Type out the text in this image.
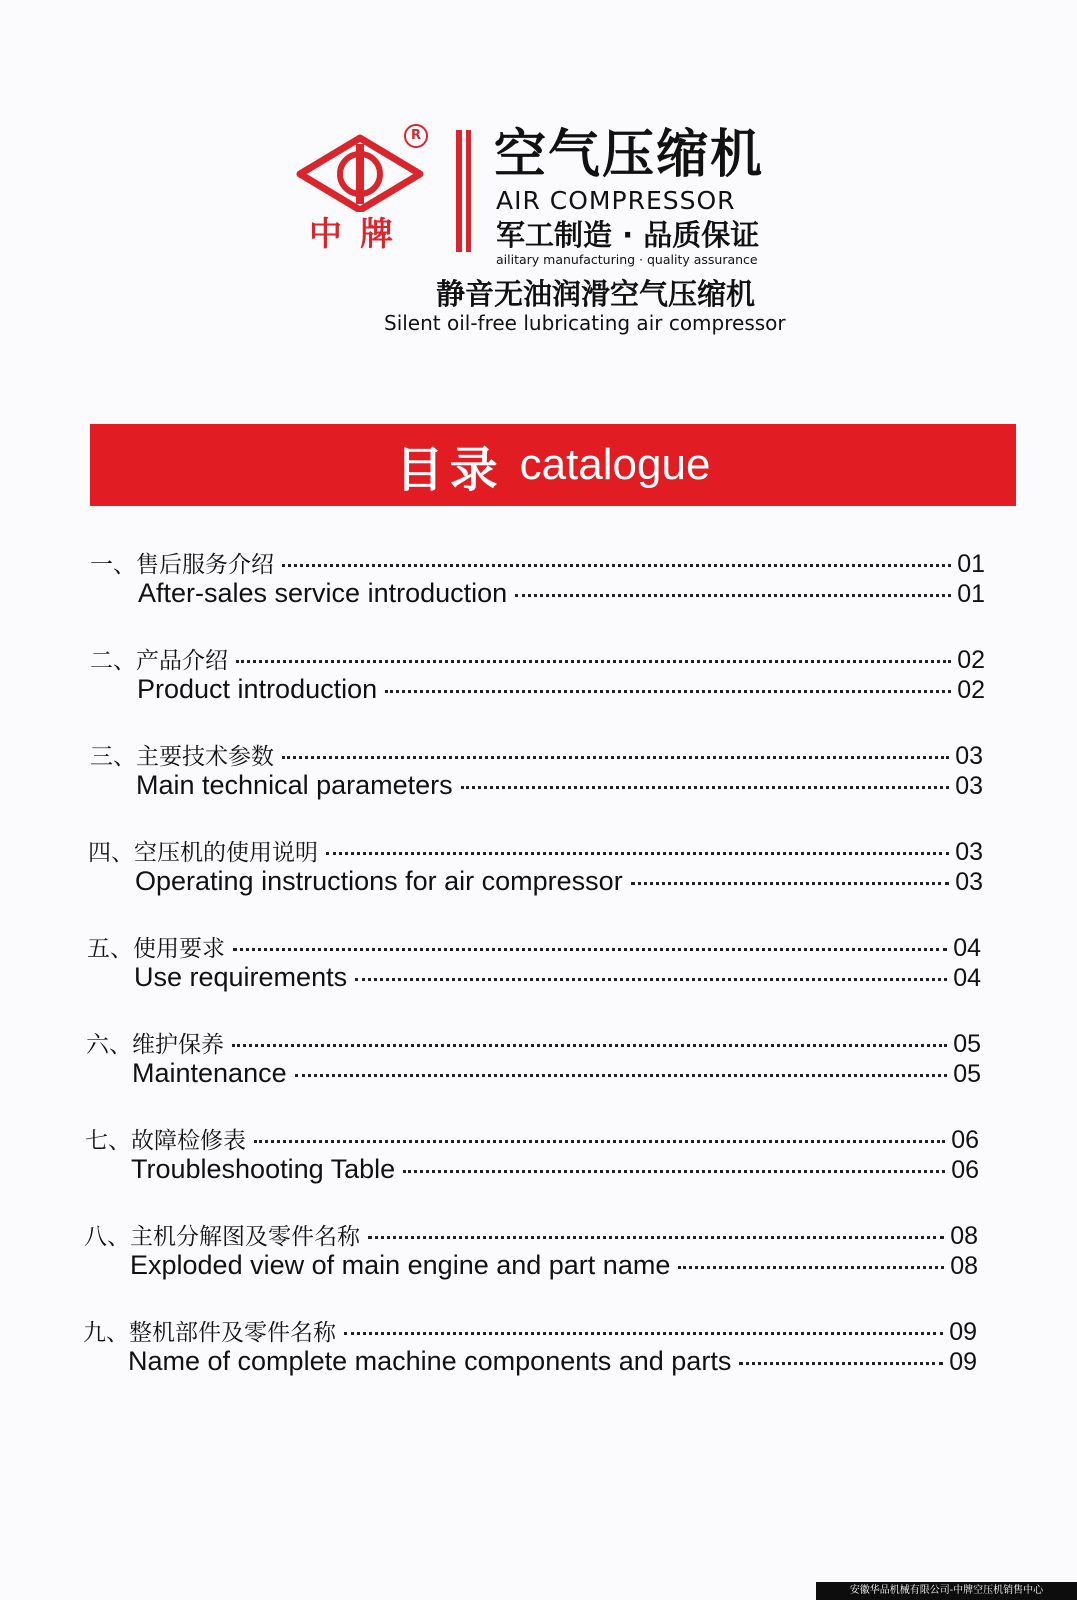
R
中牌
空气压缩机
AIR COMPRESSOR
军工制造 · 品质保证
ailitary manufacturing · quality assurance
静音无油润滑空气压缩机
Silent oil-free lubricating air compressor
目录 catalogue
一、售后服务介绍	01
After-sales service introduction	01
二、产品介绍	02
Product introduction	02
三、主要技术参数	03
Main technical parameters	03
四、空压机的使用说明	03
Operating instructions for air compressor	03
五、使用要求	04
Use requirements	04
六、维护保养	05
Maintenance	05
七、故障检修表	06
Troubleshooting Table	06
八、主机分解图及零件名称	08
Exploded view of main engine and part name	08
九、整机部件及零件名称	09
Name of complete machine components and parts	09
安徽华品机械有限公司-中牌空压机销售中心
